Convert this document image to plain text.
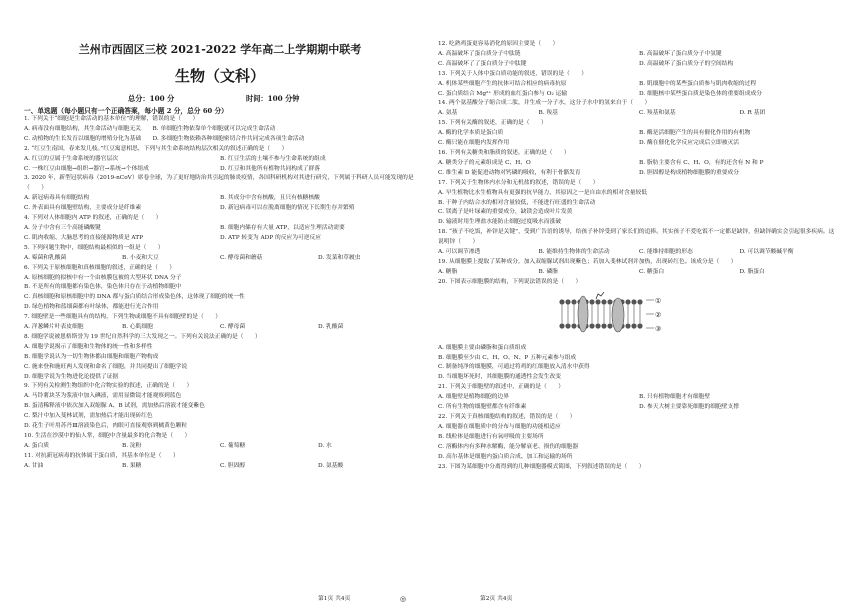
兰州市西固区三校 2021-2022 学年高二上学期期中联考
生物（文科）
总分：100 分	时间：100 分钟
一、单选题（每小题只有一个正确答案，每小题 2 分，总分 60 分）

1. 下列关于“细胞是生命活动的基本单位”的理解，错误的是（　　）

A. 病毒没有细胞结构，其生命活动与细胞无关　　B. 单细胞生物依靠单个细胞就可以完成生命活动

C. 动植物的生长发育以细胞的增殖分化为基础　　D. 多细胞生物依赖各种细胞密切合作共同完成各项生命活动

2. “红豆生南国，春来发几枝。”红豆寓意相思，下列与其生命系统结构层次相关的叙述正确的是（　　）

A. 红豆的豆属于生命系统的器官层次	B. 红豆生活的土壤不参与生命系统的组成
C. 一株红豆由细胞→组织→器官→系统→个体组成	D. 红豆和其他所有植物共同构成了群落

3. 2020 年，新型冠状病毒（2019-nCoV）席卷全球，为了更好地防治其引起的肺炎疫情，各国科研机构对其进行研究，下列属于科研人员可能发现的是（　　）

A. 新冠病毒具有细胞结构	B. 其成分中含有核酸，且只有核糖核酸
C. 外表面具有细胞壁结构，主要成分是纤维素	D. 新冠病毒可以在脱离细胞的情况下长期生存并繁殖

4. 下列对人体细胞内 ATP 的叙述，正确的是（　　）

A. 分子中含有三个高能磷酸键	B. 细胞内储存有大量 ATP，以适应生理活动需要
C. 肌肉收缩、大脑思考的直接能源物质是 ATP	D. ATP 转变为 ADP 的反应为可逆反应

5. 下列问题生物中，细胞结构最相似的一组是（　　）

A. 霉菌和乳酸菌	B. 小麦和大豆	C. 酵母菌和蘑菇	D. 发菜和草履虫

6. 下列关于原核细胞和真核细胞的叙述，正确的是（　　）

A. 原核细胞的拟核中有一个由核膜包被的大型环状 DNA 分子

B. 不是所有的细胞都有染色体，染色体只存在于动植物细胞中

C. 真核细胞和原核细胞中的 DNA 都与蛋白质结合形成染色体，这体现了细胞的统一性

D. 绿色植物和蓝细菌都有叶绿体，都能进行光合作用

7. 细胞壁是一些细胞具有的结构，下列生物或细胞不具有细胞壁的是（　　）

A. 洋葱鳞片叶表皮细胞	B. 心肌细胞	C. 酵母菌	D. 乳酸菌

8. 细胞学说被恩格斯誉为 19 世纪自然科学的三大发现之一。下列有关说法正确的是（　　）

A. 细胞学说揭示了细胞和生物体的统一性和多样性

B. 细胞学说认为一切生物体都由细胞和细胞产物构成

C. 施来登和施旺两人发现和命名了细胞，并共同提出了细胞学说

D. 细胞学说为生物进化论提供了证据

9. 下列有关检测生物组织中化合物实验的叙述，正确的是（　　）

A. 马铃薯块茎为浆液中加入碘液，需用显微镜才能观察到蓝色

B. 蛋清稀释液中依次加入双缩脲 A、B 试剂，需加热后溶液才能变紫色

C. 梨汁中加入斐林试剂，需加热后才能出现砖红色

D. 花生子叶用苏丹Ⅲ溶液染色后，肉眼可直接观察到橘黄色颗粒

10. 生活在沙漠中的仙人掌，细胞中含量最多的化合物是（　　）

A. 蛋白质	B. 淀粉	C. 葡萄糖	D. 水

11. 对抗新冠病毒的抗体属于蛋白质，其基本单位是（　　）

A. 甘油	B. 果糖	C. 胆固醇	D. 氨基酸

12. 吃熟鸡蛋更容易消化的原因主要是（　　）

A. 高温破坏了蛋白质分子中肽链	B. 高温破坏了蛋白质分子中氢键
C. 高温破坏了了蛋白质分子中肽键	D. 高温破坏了蛋白质分子的空间结构

13. 下列关于人体中蛋白质功能的叙述，错误的是（　　）

A. 机体某些细胞产生的抗体可结合相应的病毒抗原	B. 肌细胞中的某些蛋白质参与肌肉收缩的过程
C. 蛋白质结合 Mg²⁺ 形成的血红蛋白参与 O₂ 运输	D. 细胞核中某些蛋白质是染色体的重要组成成分

14. 两个氨基酸分子缩合成二肽，并生成一分子水，这分子水中的氢来自于（　　）

A. 氨基	B. 羧基	C. 羧基和氨基	D. R 基团

15. 下列有关酶的叙述，正确的是（　　）

A. 酶的化学本质是蛋白质	B. 酶是活细胞产生的具有催化作用的有机物
C. 酶只能在细胞内发挥作用	D. 酶在催化化学反应完成后立即被灭活

16. 下列有关糖类和脂质的叙述，正确的是（　　）

A. 糖类分子的元素组成是 C、H、O	B. 脂肪主要含有 C、H、O，有的还含有 N 和 P
C. 维生素 D 能促进动物对钙磷的吸收，有利于骨骼发育	D. 胆固醇是构成植物细胞膜的重要成分

17. 下列关于生物体内水分和无机盐的叙述，错误的是（　　）

A. 早生植物比水生植物具有更强的抗旱能力，其原因之一是自由水的相对含量较低

B. 干种子内结合水的相对含量较低，不能进行旺盛的生命活动

C. 镁离子是叶绿素的重要成分，缺镁会造成叶片发黄

D. 输液时用生理盐水能防止细胞过度吸水而涨破

18. “孩子不吃饭，补锌是关键”，受到广告语的诱导，给孩子补锌受到了家长们的追捧。其实孩子不爱吃饭不一定都是缺锌，但缺锌确实会引起很多疾病。这说明锌（　　）

A. 可以调节渗透	B. 能维持生物体的生命活动	C. 能维持细胞的形态	D. 可以调节酸碱平衡

19. 从细胞膜上提取了某种成分，加入双缩脲试剂出现紫色；若加入斐林试剂并加热，出现砖红色。该成分是（　　）

A. 糖脂	B. 磷脂	C. 糖蛋白	D. 脂蛋白

20. 下图表示细胞膜的结构，下列说法错误的是（　　）

①
②
③

A. 细胞膜主要由磷脂和蛋白质组成

B. 细胞膜至少由 C、H、O、N、P 五种元素参与组成

C. 制备纯净的细胞膜，可通过将鸡的红细胞放入清水中获得

D. 当细胞坏死时，其细胞膜的通透性会发生改变

21. 下列关于细胞壁的叙述中，正确的是（　　）

A. 细胞壁是植物细胞的边界	B. 只有植物细胞才有细胞壁
C. 所有生物的细胞壁都含有纤维素	D. 参天大树主要靠死细胞的细胞壁支撑

22. 下列关于真核细胞结构的叙述，错误的是（　　）

A. 细胞器在细胞质中的分布与细胞的功能相适应

B. 线粒体是细胞进行有氧呼吸的主要场所

C. 溶酶体内有多种水解酶，能分解衰老、损伤的细胞器

D. 高尔基体是细胞内蛋白质合成、加工和运输的场所

23. 下图为某细胞中分离得到的几种细胞器模式简图，下列叙述错误的是（　　）

第1页 共4页	◎	第2页 共4页
